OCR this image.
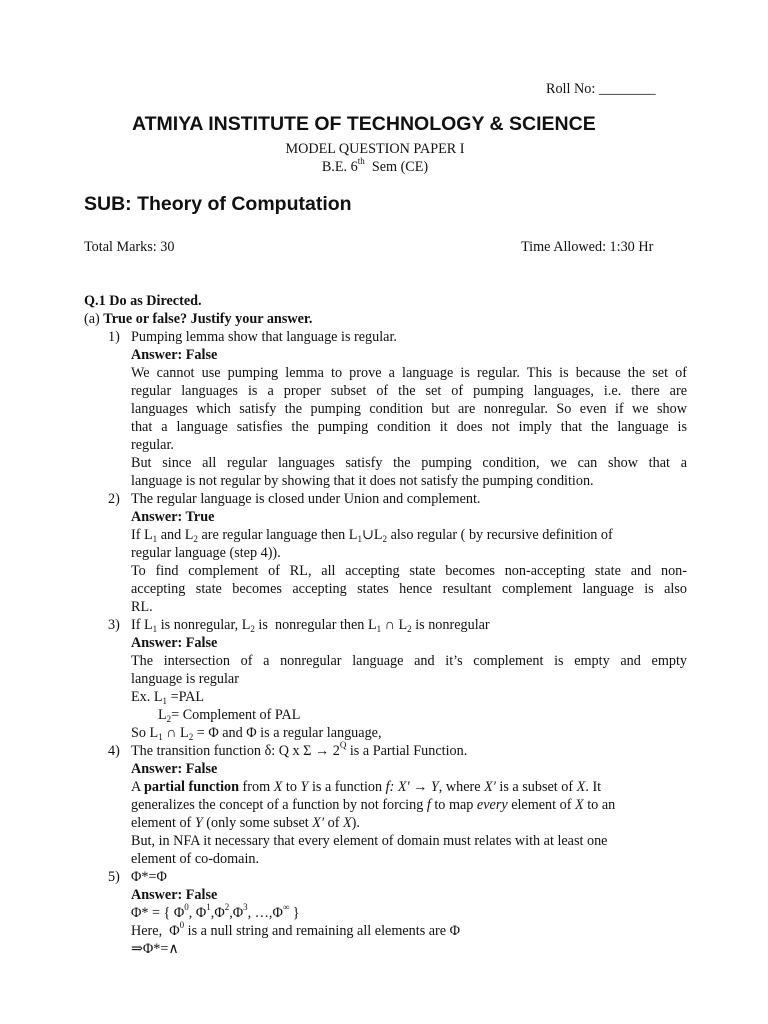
Roll No: ________
ATMIYA INSTITUTE OF TECHNOLOGY & SCIENCE
MODEL QUESTION PAPER I
B.E. 6th  Sem (CE)
SUB: Theory of Computation
Total Marks: 30	Time Allowed: 1:30 Hr
Q.1 Do as Directed.
(a) True or false? Justify your answer.
1) Pumping lemma show that language is regular.
Answer: False
We cannot use pumping lemma to prove a language is regular. This is because the set of
regular languages is a proper subset of the set of pumping languages, i.e. there are
languages which satisfy the pumping condition but are nonregular. So even if we show
that a language satisfies the pumping condition it does not imply that the language is
regular.
But since all regular languages satisfy the pumping condition, we can show that a
language is not regular by showing that it does not satisfy the pumping condition.
2) The regular language is closed under Union and complement.
Answer: True
If $L_1$ and $L_2$ are regular language then $L_1\cup L_2$ also regular ( by recursive definition of
regular language (step 4)).
To find complement of RL, all accepting state becomes non-accepting state and non-
accepting state becomes accepting states hence resultant complement language is also
RL.
3) If $L_1$ is nonregular, $L_2$ is  nonregular then $L_1$ ∩ $L_2$ is nonregular
Answer: False
The intersection of a nonregular language and it’s complement is empty and empty
language is regular
Ex. $L_1 =PAL$
$L_2=$ Complement of PAL
So $L_1$ ∩ $L_2 = \Phi$ and Φ is a regular language,
4) The transition function δ: Q x $\Sigma \to 2^Q$ is a Partial Function.
Answer: False
A partial function from X to Y is a function f: X′ → Y, where X′ is a subset of X. It
generalizes the concept of a function by not forcing f to map every element of X to an
element of Y (only some subset X′ of X).
But, in NFA it necessary that every element of domain must relates with at least one
element of co-domain.
5) Φ*=Φ
Answer: False
Φ* = { $\Phi^0$, $\Phi^1,\Phi^2,\Phi^3$, …,Φ∞ }
Here,  $\Phi^0$ is a null string and remaining all elements are Φ
⇒Φ*=∧
